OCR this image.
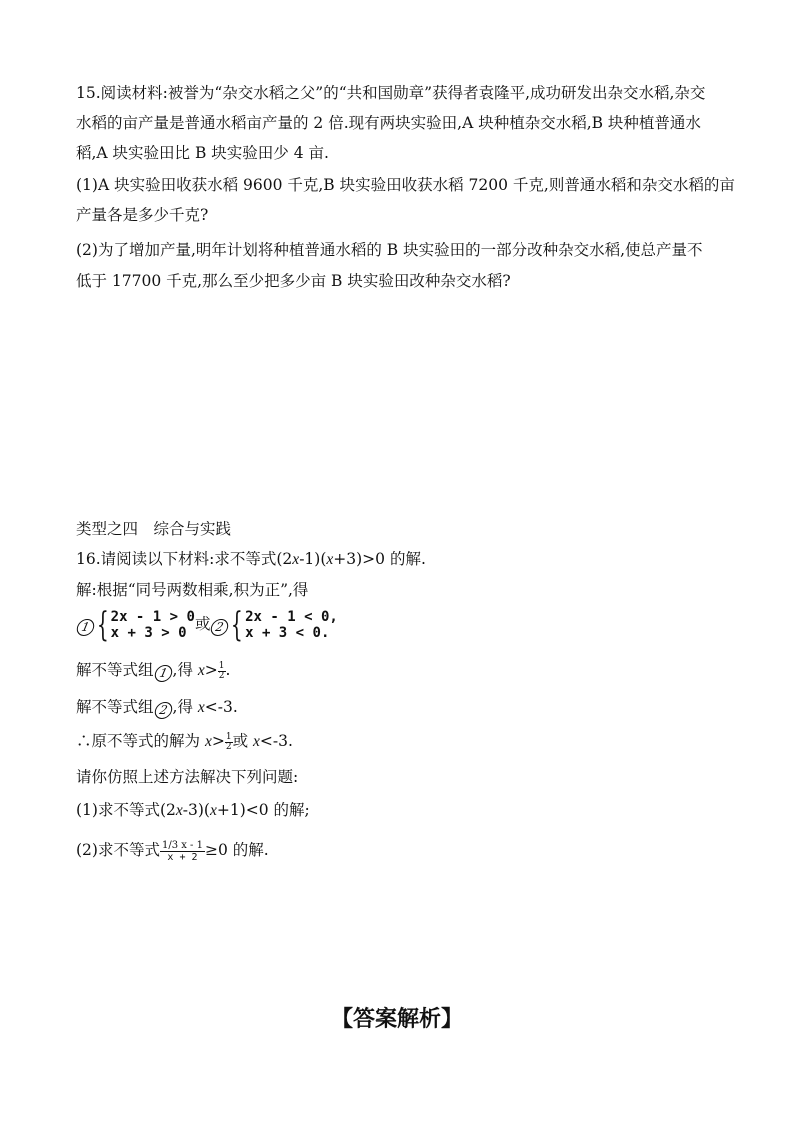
15.阅读材料:被誉为“杂交水稻之父”的“共和国勋章”获得者袁隆平,成功研发出杂交水稻,杂交
水稻的亩产量是普通水稻亩产量的 2 倍.现有两块实验田,A 块种植杂交水稻,B 块种植普通水
稻,A 块实验田比 B 块实验田少 4 亩.
(1)A 块实验田收获水稻 9600 千克,B 块实验田收获水稻 7200 千克,则普通水稻和杂交水稻的亩
产量各是多少千克?
(2)为了增加产量,明年计划将种植普通水稻的 B 块实验田的一部分改种杂交水稻,使总产量不
低于 17700 千克,那么至少把多少亩 B 块实验田改种杂交水稻?
类型之四　综合与实践
16.请阅读以下材料:求不等式(2x-1)(x+3)>0 的解.
解:根据“同号两数相乘,积为正”,得
1 { 2x - 1 > 0
x + 3 > 0 或 2 { 2x - 1 < 0,
x + 3 < 0.
解不等式组 1 ,得 $x> \frac{1}{2}$ .
解不等式组 2 ,得 x<-3.
∴原不等式的解为 $x> \frac{1}{2}$ 或 x<-3.
请你仿照上述方法解决下列问题:
(1)求不等式(2x-3)(x+1)<0 的解;
(2)求不等式 $\frac{1/3 x - 1}{x + 2} \ge 0$ 的解.
【答案解析】
